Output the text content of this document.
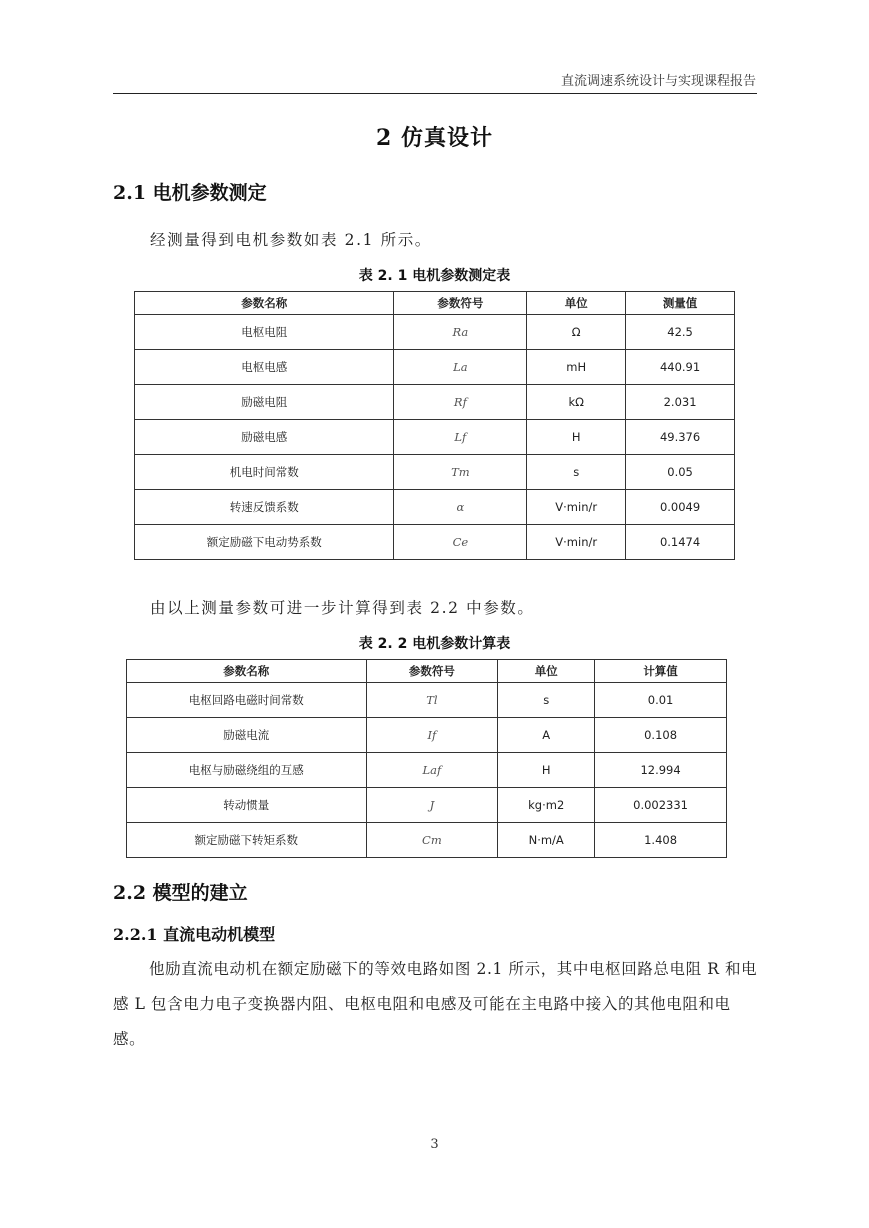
直流调速系统设计与实现课程报告
2 仿真设计
2.1 电机参数测定
经测量得到电机参数如表 2.1 所示。
表 2. 1 电机参数测定表
参数名称	参数符号	单位	测量值
电枢电阻	Ra	Ω	42.5
电枢电感	La	mH	440.91
励磁电阻	Rf	kΩ	2.031
励磁电感	Lf	H	49.376
机电时间常数	Tm	s	0.05
转速反馈系数	α	V·min/r	0.0049
额定励磁下电动势系数	Ce	V·min/r	0.1474
由以上测量参数可进一步计算得到表 2.2 中参数。
表 2. 2 电机参数计算表
参数名称	参数符号	单位	计算值
电枢回路电磁时间常数	Tl	s	0.01
励磁电流	If	A	0.108
电枢与励磁绕组的互感	Laf	H	12.994
转动惯量	J	kg·m2	0.002331
额定励磁下转矩系数	Cm	N·m/A	1.408
2.2 模型的建立
2.2.1 直流电动机模型
他励直流电动机在额定励磁下的等效电路如图 2.1 所示，其中电枢回路总电阻 R 和电感 L 包含电力电子变换器内阻、电枢电阻和电感及可能在主电路中接入的其他电阻和电感。
3
